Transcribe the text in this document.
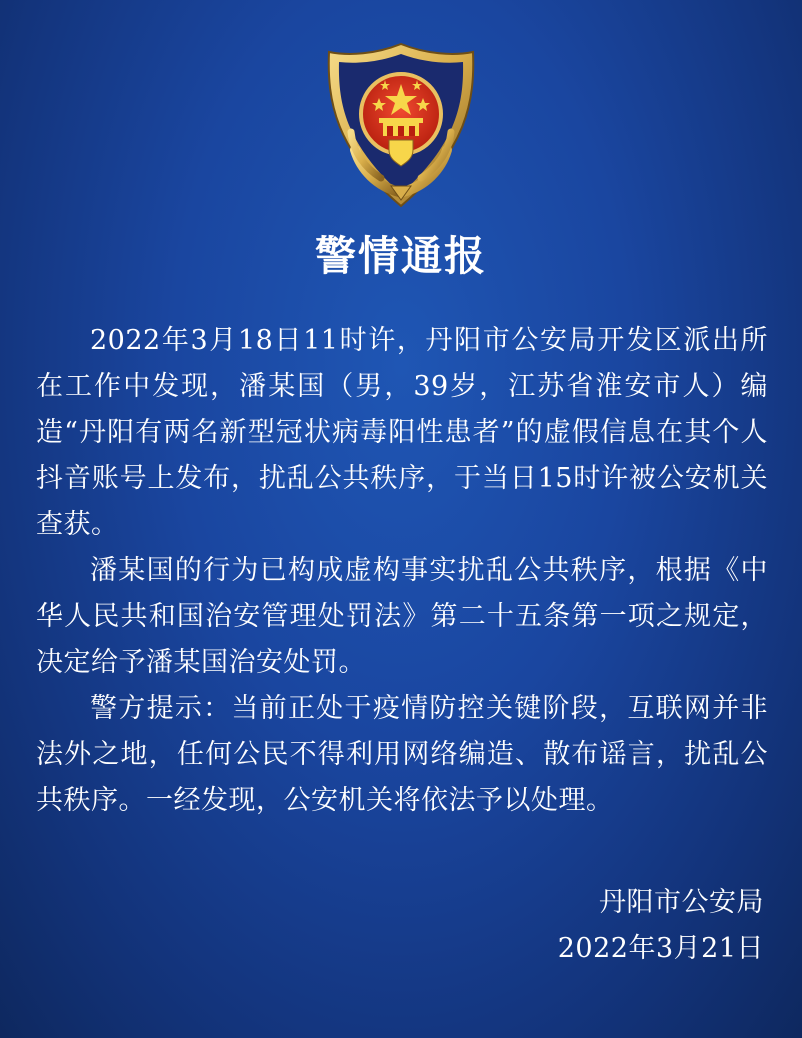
警情通报

2022年3月18日11时许，丹阳市公安局开发区派出所在工作中发现，潘某国（男，39岁，江苏省淮安市人）编造“丹阳有两名新型冠状病毒阳性患者”的虚假信息在其个人抖音账号上发布，扰乱公共秩序，于当日15时许被公安机关查获。

潘某国的行为已构成虚构事实扰乱公共秩序，根据《中华人民共和国治安管理处罚法》第二十五条第一项之规定，决定给予潘某国治安处罚。

警方提示：当前正处于疫情防控关键阶段，互联网并非法外之地，任何公民不得利用网络编造、散布谣言，扰乱公共秩序。一经发现，公安机关将依法予以处理。

丹阳市公安局
2022年3月21日
